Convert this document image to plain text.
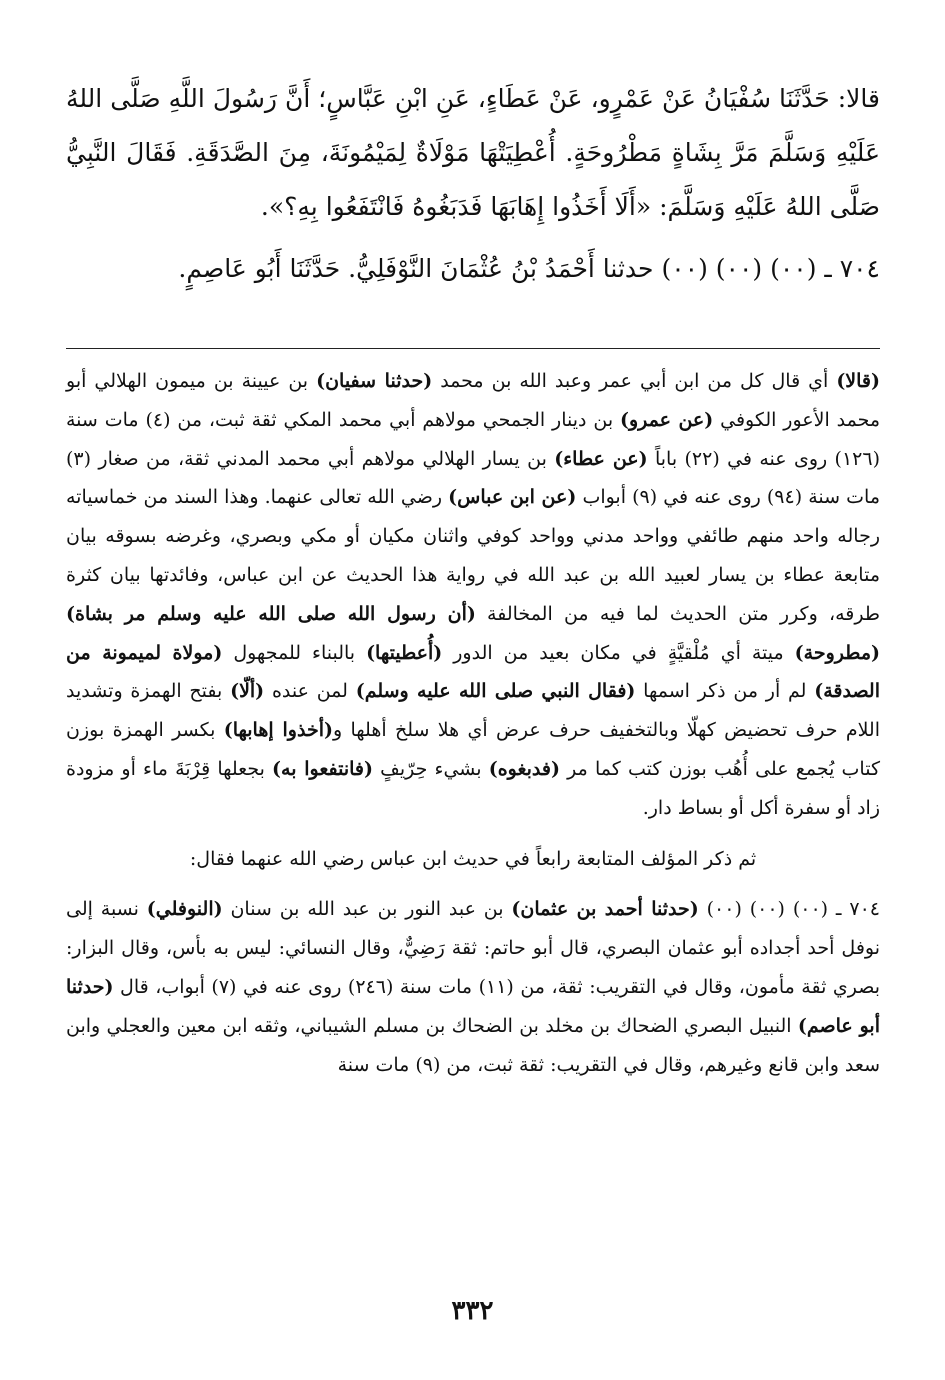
قالا: حَدَّثَنَا سُفْيَانُ عَنْ عَمْرٍو، عَنْ عَطَاءٍ، عَنِ ابْنِ عَبَّاسٍ؛ أَنَّ رَسُولَ اللَّهِ صَلَّى اللهُ عَلَيْهِ وَسَلَّمَ مَرَّ بِشَاةٍ مَطْرُوحَةٍ. أُعْطِيَتْهَا مَوْلَاةٌ لِمَيْمُونَةَ، مِنَ الصَّدَقَةِ. فَقَالَ النَّبِيُّ صَلَّى اللهُ عَلَيْهِ وَسَلَّمَ: «أَلَا أَخَذُوا إِهَابَهَا فَدَبَغُوهُ فَانْتَفَعُوا بِهِ؟».

٧٠٤ ـ (٠٠) (٠٠) (٠٠) حدثنا أَحْمَدُ بْنُ عُثْمَانَ النَّوْفَلِيُّ. حَدَّثَنَا أَبُو عَاصِمٍ.

(قالا) أي قال كل من ابن أبي عمر وعبد الله بن محمد (حدثنا سفيان) بن عيينة بن ميمون الهلالي أبو محمد الأعور الكوفي (عن عمرو) بن دينار الجمحي مولاهم أبي محمد المكي ثقة ثبت، من (٤) مات سنة (١٢٦) روى عنه في (٢٢) باباً (عن عطاء) بن يسار الهلالي مولاهم أبي محمد المدني ثقة، من صغار (٣) مات سنة (٩٤) روى عنه في (٩) أبواب (عن ابن عباس) رضي الله تعالى عنهما. وهذا السند من خماسياته رجاله واحد منهم طائفي وواحد مدني وواحد كوفي واثنان مكيان أو مكي وبصري، وغرضه بسوقه بيان متابعة عطاء بن يسار لعبيد الله بن عبد الله في رواية هذا الحديث عن ابن عباس، وفائدتها بيان كثرة طرقه، وكرر متن الحديث لما فيه من المخالفة (أن رسول الله صلى الله عليه وسلم مر بشاة) (مطروحة) ميتة أي مُلْقيَّةٍ في مكان بعيد من الدور (أُعطيتها) بالبناء للمجهول (مولاة لميمونة من الصدقة) لم أر من ذكر اسمها (فقال النبي صلى الله عليه وسلم) لمن عنده (ألّا) بفتح الهمزة وتشديد اللام حرف تحضيض كهلّا وبالتخفيف حرف عرض أي هلا سلخ أهلها و(أخذوا إهابها) بكسر الهمزة بوزن كتاب يُجمع على أُهُب بوزن كتب كما مر (فدبغوه) بشيء حِرّيفٍ (فانتفعوا به) بجعلها قِرْبَةَ ماء أو مزودة زاد أو سفرة أكل أو بساط دار.

ثم ذكر المؤلف المتابعة رابعاً في حديث ابن عباس رضي الله عنهما فقال:

٧٠٤ ـ (٠٠) (٠٠) (٠٠) (حدثنا أحمد بن عثمان) بن عبد النور بن عبد الله بن سنان (النوفلي) نسبة إلى نوفل أحد أجداده أبو عثمان البصري، قال أبو حاتم: ثقة رَضِيٌّ، وقال النسائي: ليس به بأس، وقال البزار: بصري ثقة مأمون، وقال في التقريب: ثقة، من (١١) مات سنة (٢٤٦) روى عنه في (٧) أبواب، قال (حدثنا أبو عاصم) النبيل البصري الضحاك بن مخلد بن الضحاك بن مسلم الشيباني، وثقه ابن معين والعجلي وابن سعد وابن قانع وغيرهم، وقال في التقريب: ثقة ثبت، من (٩) مات سنة

٣٣٢
